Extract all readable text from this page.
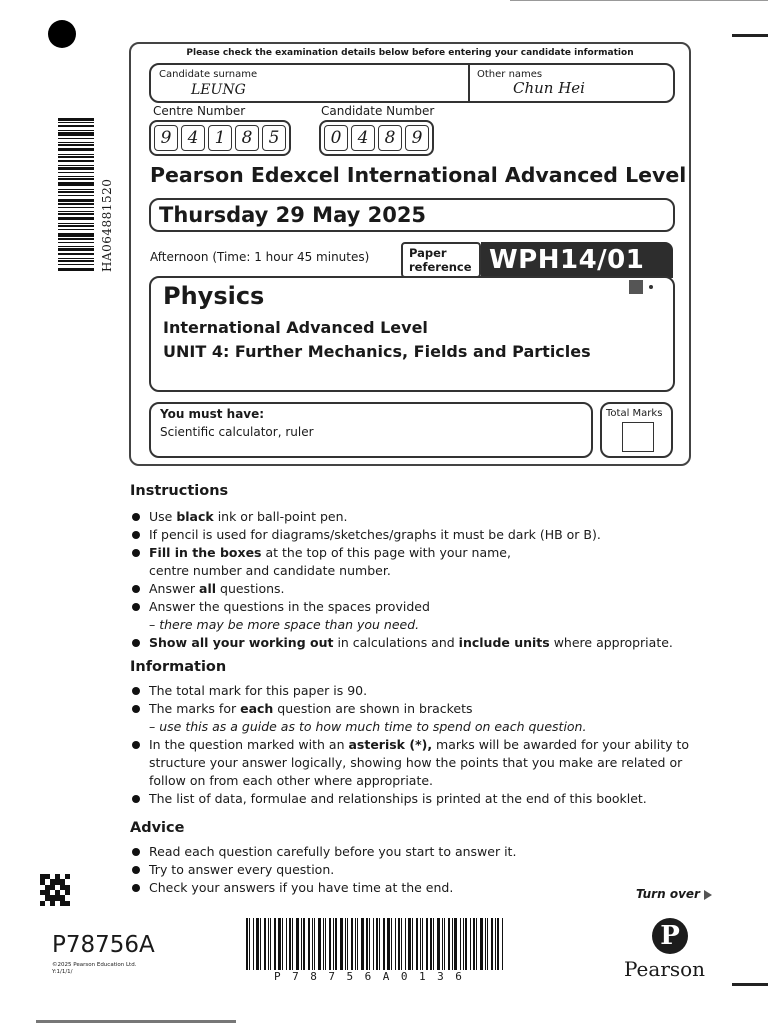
HA064881520
Please check the examination details below before entering your candidate information
Candidate surname
LEUNG
Other names
Chun Hei
Centre Number	Candidate Number
9 4 1 8 5	0 4 8 9
Pearson Edexcel International Advanced Level
Thursday 29 May 2025
Afternoon (Time: 1 hour 45 minutes)	Paper reference WPH14/01
Physics
International Advanced Level
UNIT 4: Further Mechanics, Fields and Particles
You must have:
Scientific calculator, ruler
Total Marks
Instructions
Use black ink or ball-point pen.
If pencil is used for diagrams/sketches/graphs it must be dark (HB or B).
Fill in the boxes at the top of this page with your name,
centre number and candidate number.
Answer all questions.
Answer the questions in the spaces provided
– there may be more space than you need.
Show all your working out in calculations and include units where appropriate.
Information
The total mark for this paper is 90.
The marks for each question are shown in brackets
– use this as a guide as to how much time to spend on each question.
In the question marked with an asterisk (*), marks will be awarded for your ability to
structure your answer logically, showing how the points that you make are related or
follow on from each other where appropriate.
The list of data, formulae and relationships is printed at the end of this booklet.
Advice
Read each question carefully before you start to answer it.
Try to answer every question.
Check your answers if you have time at the end.	Turn over
P78756A
©2025 Pearson Education Ltd.
Y:1/1/1/	P78756A0136
P
Pearson
